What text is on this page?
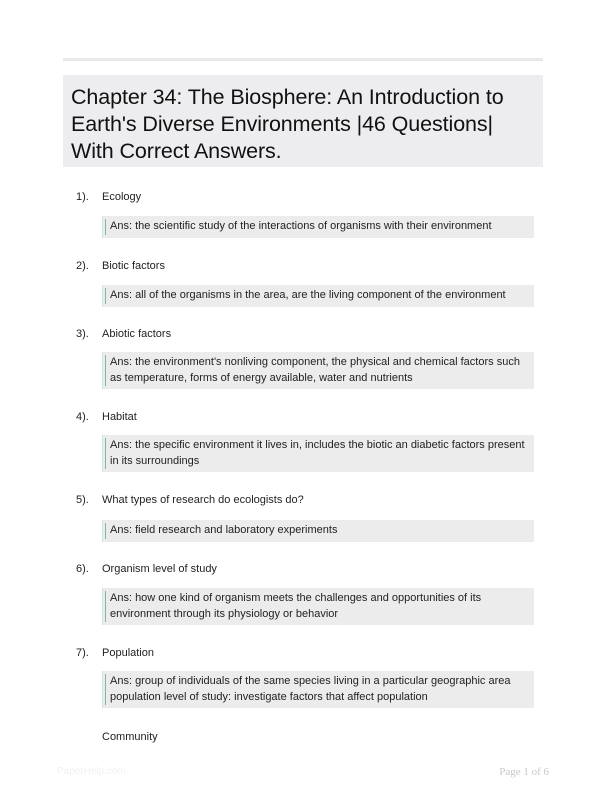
Chapter 34: The Biosphere: An Introduction to Earth's Diverse Environments |46 Questions| With Correct Answers.
1). Ecology
Ans: the scientific study of the interactions of organisms with their environment
2). Biotic factors
Ans: all of the organisms in the area, are the living component of the environment
3). Abiotic factors
Ans: the environment's nonliving component, the physical and chemical factors such as temperature, forms of energy available, water and nutrients
4). Habitat
Ans: the specific environment it lives in, includes the biotic an diabetic factors present in its surroundings
5). What types of research do ecologists do?
Ans: field research and laboratory experiments
6). Organism level of study
Ans: how one kind of organism meets the challenges and opportunities of its environment through its physiology or behavior
7). Population
Ans: group of individuals of the same species living in a particular geographic area population level of study: investigate factors that affect population
Community
PaperHelp.com	Page 1 of 6
